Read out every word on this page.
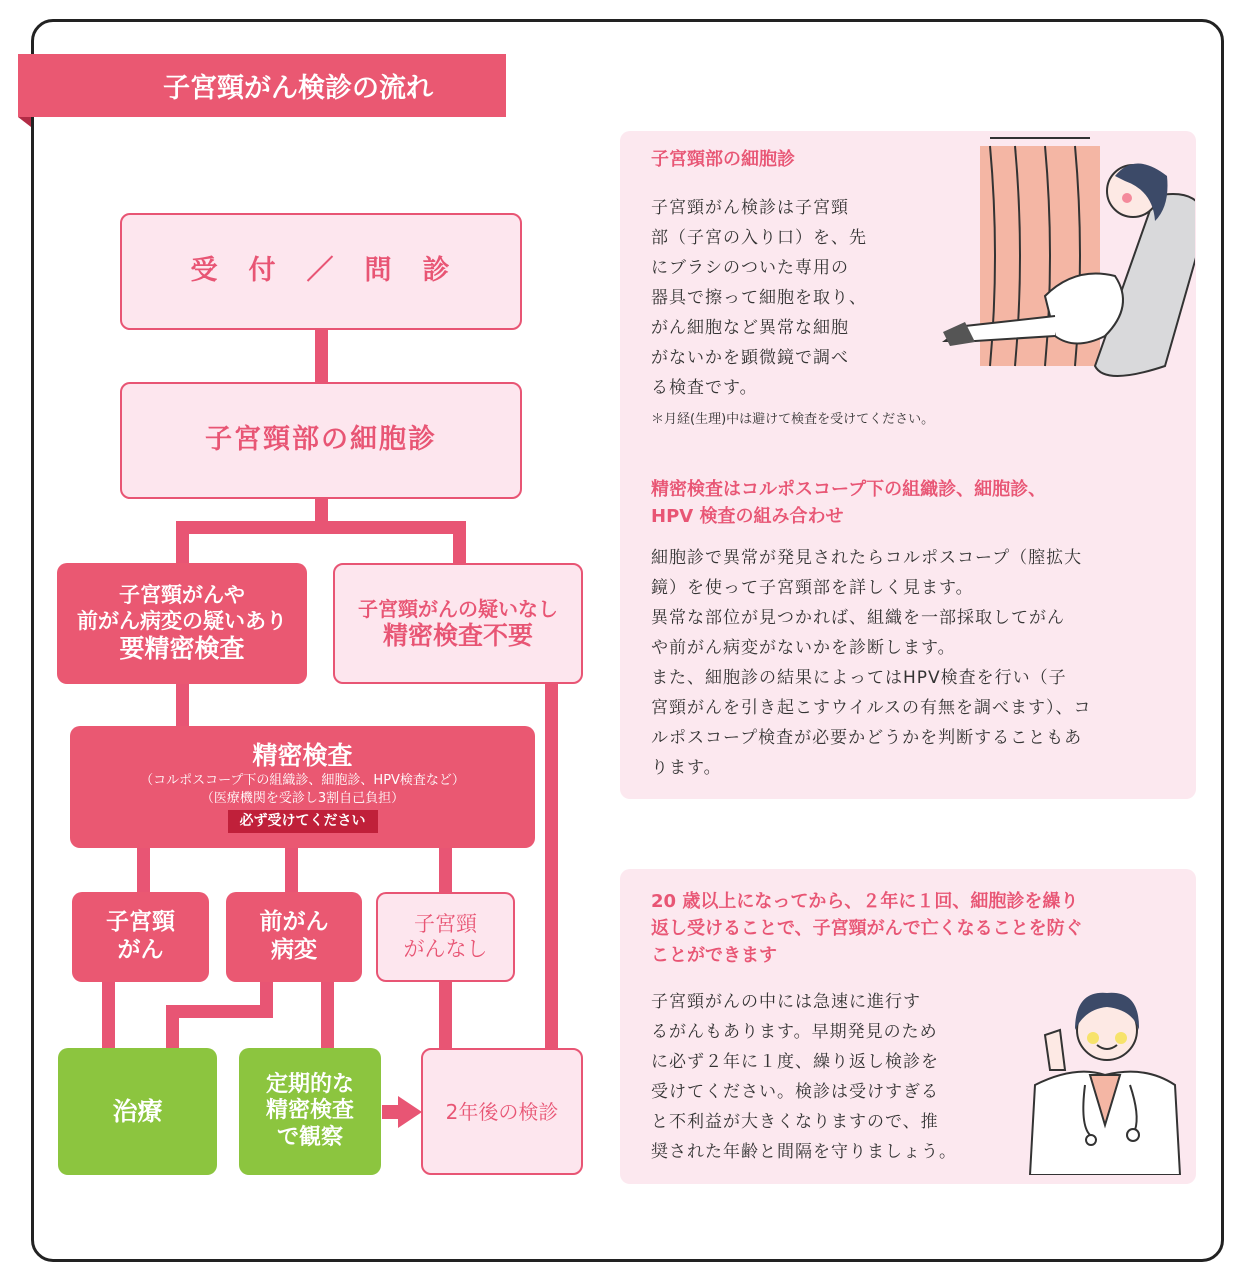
子宮頸がん検診の流れ
受　付　／　問　診
子宮頸部の細胞診
子宮頸がんや
前がん病変の疑いあり
要精密検査
子宮頸がんの疑いなし
精密検査不要
精密検査
（コルポスコープ下の組織診、細胞診、HPV検査など）
（医療機関を受診し3割自己負担）
必ず受けてください
子宮頸
がん
前がん
病変
子宮頸
がんなし
治療
定期的な
精密検査
で観察
2年後の検診
子宮頸部の細胞診
子宮頸がん検診は子宮頸
部（子宮の入り口）を、先
にブラシのついた専用の
器具で擦って細胞を取り、
がん細胞など異常な細胞
がないかを顕微鏡で調べ
る検査です。
＊月経(生理)中は避けて検査を受けてください。
精密検査はコルポスコープ下の組織診、細胞診、
HPV 検査の組み合わせ
細胞診で異常が発見されたらコルポスコープ（膣拡大
鏡）を使って子宮頸部を詳しく見ます。
異常な部位が見つかれば、組織を一部採取してがん
や前がん病変がないかを診断します。
また、細胞診の結果によってはHPV検査を行い（子
宮頸がんを引き起こすウイルスの有無を調べます）、コ
ルポスコープ検査が必要かどうかを判断することもあ
ります。
20 歳以上になってから、２年に１回、細胞診を繰り
返し受けることで、子宮頸がんで亡くなることを防ぐ
ことができます
子宮頸がんの中には急速に進行す
るがんもあります。早期発見のため
に必ず２年に１度、繰り返し検診を
受けてください。検診は受けすぎる
と不利益が大きくなりますので、推
奨された年齢と間隔を守りましょう。
